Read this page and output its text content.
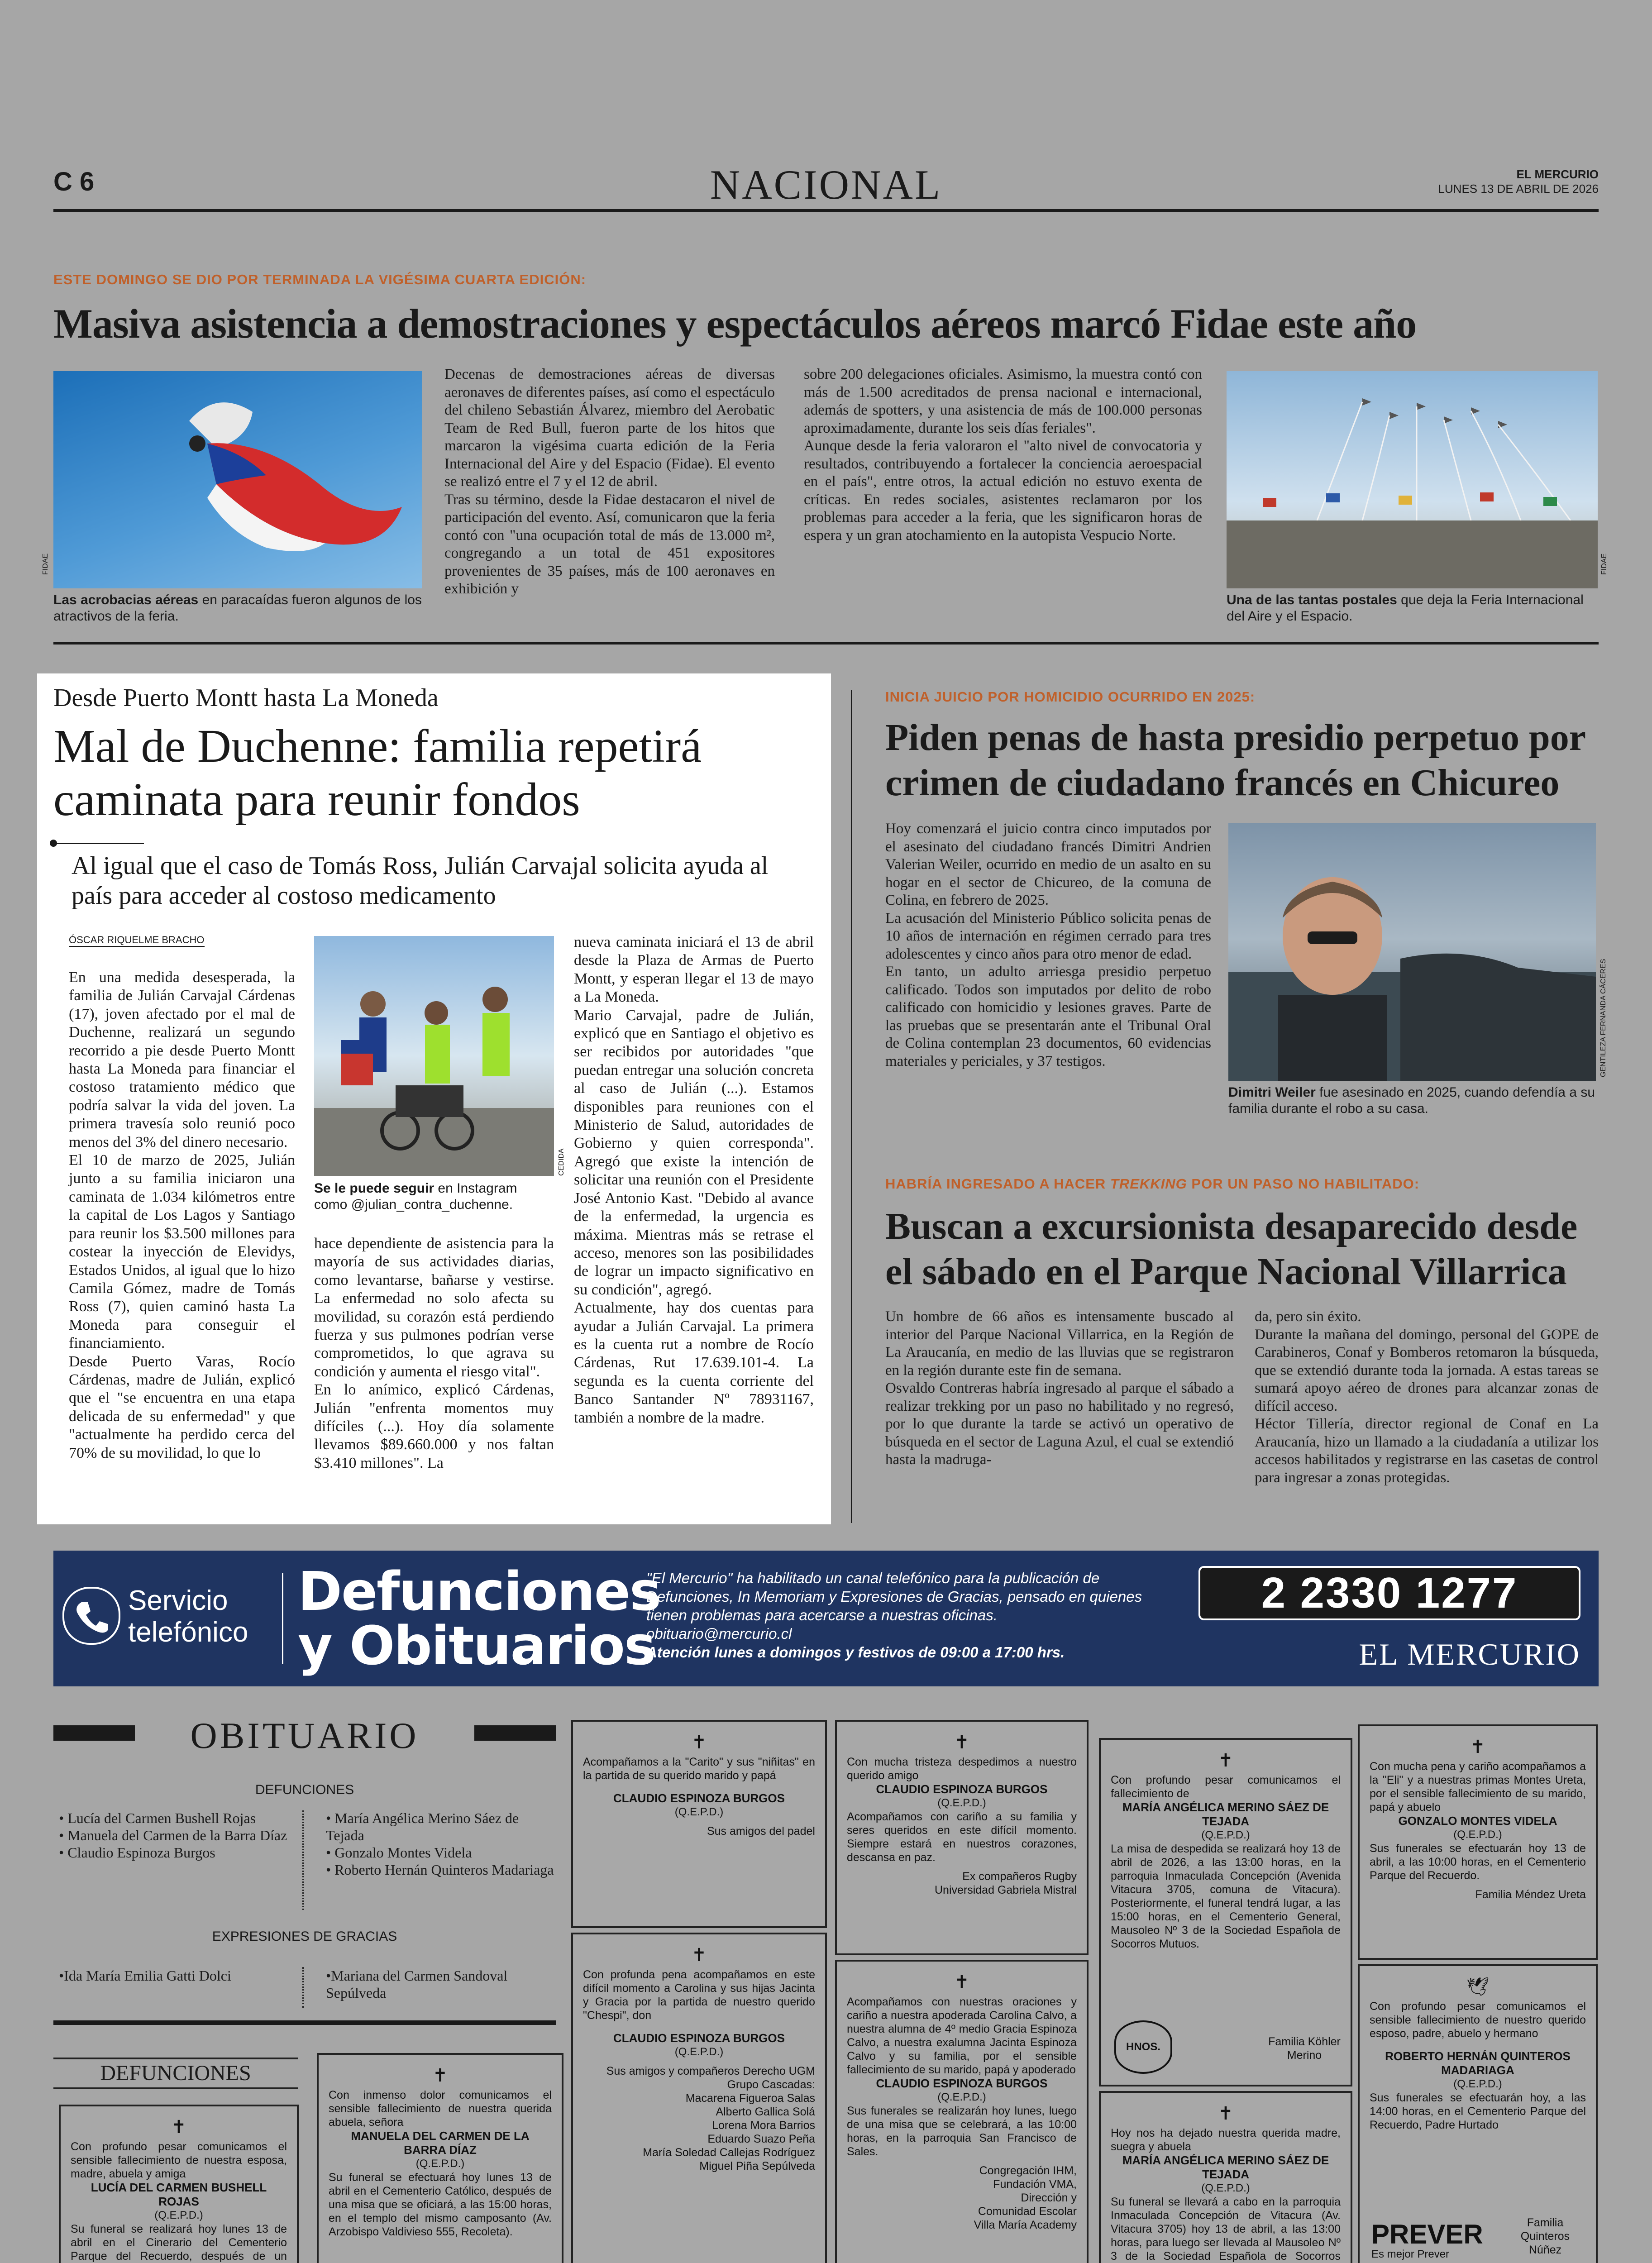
C 6	NACIONAL	EL MERCURIO
LUNES 13 DE ABRIL DE 2026
ESTE DOMINGO SE DIO POR TERMINADA LA VIGÉSIMA CUARTA EDICIÓN:
Masiva asistencia a demostraciones y espectáculos aéreos marcó Fidae este año
FIDAE
Las acrobacias aéreas en paracaídas fueron algunos de los atractivos de la feria.
Decenas de demostraciones aéreas de diversas aeronaves de diferentes países, así como el espectáculo del chileno Sebastián Álvarez, miembro del Aerobatic Team de Red Bull, fueron parte de los hitos que marcaron la vigésima cuarta edición de la Feria Internacional del Aire y del Espacio (Fidae). El evento se realizó entre el 7 y el 12 de abril.
Tras su término, desde la Fidae destacaron el nivel de participación del evento. Así, comunicaron que la feria contó con "una ocupación total de más de 13.000 m², congregando a un total de 451 expositores provenientes de 35 países, más de 100 aeronaves en exhibición y
sobre 200 delegaciones oficiales. Asimismo, la muestra contó con más de 1.500 acreditados de prensa nacional e internacional, además de spotters, y una asistencia de más de 100.000 personas aproximadamente, durante los seis días feriales".
Aunque desde la feria valoraron el "alto nivel de convocatoria y resultados, contribuyendo a fortalecer la conciencia aeroespacial en el país", entre otros, la actual edición no estuvo exenta de críticas. En redes sociales, asistentes reclamaron por los problemas para acceder a la feria, que les significaron horas de espera y un gran atochamiento en la autopista Vespucio Norte.
FIDAE
Una de las tantas postales que deja la Feria Internacional del Aire y el Espacio.
Desde Puerto Montt hasta La Moneda
Mal de Duchenne: familia repetirá caminata para reunir fondos
Al igual que el caso de Tomás Ross, Julián Carvajal solicita ayuda al país para acceder al costoso medicamento
ÓSCAR RIQUELME BRACHO
En una medida desesperada, la familia de Julián Carvajal Cárdenas (17), joven afectado por el mal de Duchenne, realizará un segundo recorrido a pie desde Puerto Montt hasta La Moneda para financiar el costoso tratamiento médico que podría salvar la vida del joven. La primera travesía solo reunió poco menos del 3% del dinero necesario.
El 10 de marzo de 2025, Julián junto a su familia iniciaron una caminata de 1.034 kilómetros entre la capital de Los Lagos y Santiago para reunir los $3.500 millones para costear la inyección de Elevidys, Estados Unidos, al igual que lo hizo Camila Gómez, madre de Tomás Ross (7), quien caminó hasta La Moneda para conseguir el financiamiento.
Desde Puerto Varas, Rocío Cárdenas, madre de Julián, explicó que el "se encuentra en una etapa delicada de su enfermedad" y que "actualmente ha perdido cerca del 70% de su movilidad, lo que lo
CEDIDA
Se le puede seguir en Instagram como @julian_contra_duchenne.
hace dependiente de asistencia para la mayoría de sus actividades diarias, como levantarse, bañarse y vestirse. La enfermedad no solo afecta su movilidad, su corazón está perdiendo fuerza y sus pulmones podrían verse comprometidos, lo que agrava su condición y aumenta el riesgo vital".
En lo anímico, explicó Cárdenas, Julián "enfrenta momentos muy difíciles (...). Hoy día solamente llevamos $89.660.000 y nos faltan $3.410 millones". La
nueva caminata iniciará el 13 de abril desde la Plaza de Armas de Puerto Montt, y esperan llegar el 13 de mayo a La Moneda.
Mario Carvajal, padre de Julián, explicó que en Santiago el objetivo es ser recibidos por autoridades "que puedan entregar una solución concreta al caso de Julián (...). Estamos disponibles para reuniones con el Ministerio de Salud, autoridades de Gobierno y quien corresponda". Agregó que existe la intención de solicitar una reunión con el Presidente José Antonio Kast. "Debido al avance de la enfermedad, la urgencia es máxima. Mientras más se retrase el acceso, menores son las posibilidades de lograr un impacto significativo en su condición", agregó.
Actualmente, hay dos cuentas para ayudar a Julián Carvajal. La primera es la cuenta rut a nombre de Rocío Cárdenas, Rut 17.639.101-4. La segunda es la cuenta corriente del Banco Santander Nº 78931167, también a nombre de la madre.
INICIA JUICIO POR HOMICIDIO OCURRIDO EN 2025:
Piden penas de hasta presidio perpetuo por crimen de ciudadano francés en Chicureo
Hoy comenzará el juicio contra cinco imputados por el asesinato del ciudadano francés Dimitri Andrien Valerian Weiler, ocurrido en medio de un asalto en su hogar en el sector de Chicureo, de la comuna de Colina, en febrero de 2025.
La acusación del Ministerio Público solicita penas de 10 años de internación en régimen cerrado para tres adolescentes y cinco años para otro menor de edad.
En tanto, un adulto arriesga presidio perpetuo calificado. Todos son imputados por delito de robo calificado con homicidio y lesiones graves. Parte de las pruebas que se presentarán ante el Tribunal Oral de Colina contemplan 23 documentos, 60 evidencias materiales y periciales, y 37 testigos.	GENTILEZA FERNANDA CÁCERES
Dimitri Weiler fue asesinado en 2025, cuando defendía a su familia durante el robo a su casa.
HABRÍA INGRESADO A HACER TREKKING POR UN PASO NO HABILITADO:
Buscan a excursionista desaparecido desde el sábado en el Parque Nacional Villarrica
Un hombre de 66 años es intensamente buscado al interior del Parque Nacional Villarrica, en la Región de La Araucanía, en medio de las lluvias que se registraron en la región durante este fin de semana.
Osvaldo Contreras habría ingresado al parque el sábado a realizar trekking por un paso no habilitado y no regresó, por lo que durante la tarde se activó un operativo de búsqueda en el sector de Laguna Azul, el cual se extendió hasta la madruga-
da, pero sin éxito.
Durante la mañana del domingo, personal del GOPE de Carabineros, Conaf y Bomberos retomaron la búsqueda, que se extendió durante toda la jornada. A estas tareas se sumará apoyo aéreo de drones para alcanzar zonas de difícil acceso.
Héctor Tillería, director regional de Conaf en La Araucanía, hizo un llamado a la ciudadanía a utilizar los accesos habilitados y registrarse en las casetas de control para ingresar a zonas protegidas.
Servicio
telefónico
Defunciones
y Obituarios
"El Mercurio" ha habilitado un canal telefónico para la publicación de Defunciones, In Memoriam y Expresiones de Gracias, pensado en quienes tienen problemas para acercarse a nuestras oficinas.
obituario@mercurio.cl
Atención lunes a domingos y festivos de 09:00 a 17:00 hrs.
2 2330 1277
EL MERCURIO
OBITUARIO
DEFUNCIONES
• Lucía del Carmen Bushell Rojas
• Manuela del Carmen de la Barra Díaz
• Claudio Espinoza Burgos
• María Angélica Merino Sáez de Tejada
• Gonzalo Montes Videla
• Roberto Hernán Quinteros Madariaga
EXPRESIONES DE GRACIAS
•Ida María Emilia Gatti Dolci	•Mariana del Carmen Sandoval Sepúlveda
DEFUNCIONES
✝

Con profundo pesar comunicamos el sensible fallecimiento de nuestra esposa, madre, abuela y amiga

LUCÍA DEL CARMEN BUSHELL ROJAS
(Q.E.P.D.)

Su funeral se realizará hoy lunes 13 de abril en el Cinerario del Cementerio Parque del Recuerdo, después de un

✝

Con inmenso dolor comunicamos el sensible fallecimiento de nuestra querida abuela, señora

MANUELA DEL CARMEN DE LA BARRA DÍAZ
(Q.E.P.D.)

Su funeral se efectuará hoy lunes 13 de abril en el Cementerio Católico, después de una misa que se oficiará, a las 15:00 horas, en el templo del mismo camposanto (Av. Arzobispo Valdivieso 555, Recoleta).

✝

Acompañamos a la "Carito" y sus "niñitas" en la partida de su querido marido y papá

CLAUDIO ESPINOZA BURGOS
(Q.E.P.D.)
Sus amigos del padel
✝

Con profunda pena acompañamos en este difícil momento a Carolina y sus hijas Jacinta y Gracia por la partida de nuestro querido "Chespi", don

CLAUDIO ESPINOZA BURGOS
(Q.E.P.D.)
Sus amigos y compañeros Derecho UGM
Grupo Cascadas:
Macarena Figueroa Salas
Alberto Gallica Solá
Lorena Mora Barrios
Eduardo Suazo Peña
María Soledad Callejas Rodríguez
Miguel Piña Sepúlveda

✝

Con mucha tristeza despedimos a nuestro querido amigo

CLAUDIO ESPINOZA BURGOS
(Q.E.P.D.)

Acompañamos con cariño a su familia y seres queridos en este difícil momento. Siempre estará en nuestros corazones, descansa en paz.

Ex compañeros Rugby
Universidad Gabriela Mistral
✝

Acompañamos con nuestras oraciones y cariño a nuestra apoderada Carolina Calvo, a nuestra alumna de 4º medio Gracia Espinoza Calvo, a nuestra exalumna Jacinta Espinoza Calvo y su familia, por el sensible fallecimiento de su marido, papá y apoderado

CLAUDIO ESPINOZA BURGOS
(Q.E.P.D.)

Sus funerales se realizarán hoy lunes, luego de una misa que se celebrará, a las 10:00 horas, en la parroquia San Francisco de Sales.

Congregación IHM,
Fundación VMA,
Dirección y
Comunidad Escolar
Villa María Academy

✝

Con profundo pesar comunicamos el fallecimiento de

MARÍA ANGÉLICA MERINO SÁEZ DE TEJADA
(Q.E.P.D.)

La misa de despedida se realizará hoy 13 de abril de 2026, a las 13:00 horas, en la parroquia Inmaculada Concepción (Avenida Vitacura 3705, comuna de Vitacura). Posteriormente, el funeral tendrá lugar, a las 15:00 horas, en el Cementerio General, Mausoleo Nº 3 de la Sociedad Española de Socorros Mutuos.

HNOS.	Familia Köhler Merino
✝

Hoy nos ha dejado nuestra querida madre, suegra y abuela

MARÍA ANGÉLICA MERINO SÁEZ DE TEJADA
(Q.E.P.D.)

Su funeral se llevará a cabo en la parroquia Inmaculada Concepción de Vitacura (Av. Vitacura 3705) hoy 13 de abril, a las 13:00 horas, para luego ser llevada al Mausoleo Nº 3 de la Sociedad Española de Socorros

✝

Con mucha pena y cariño acompañamos a la "Eli" y a nuestras primas Montes Ureta, por el sensible fallecimiento de su marido, papá y abuelo

GONZALO MONTES VIDELA
(Q.E.P.D.)

Sus funerales se efectuarán hoy 13 de abril, a las 10:00 horas, en el Cementerio Parque del Recuerdo.

Familia Méndez Ureta
🕊

Con profundo pesar comunicamos el sensible fallecimiento de nuestro querido esposo, padre, abuelo y hermano

ROBERTO HERNÁN QUINTEROS MADARIAGA
(Q.E.P.D.)

Sus funerales se efectuarán hoy, a las 14:00 horas, en el Cementerio Parque del Recuerdo, Padre Hurtado

PREVER
Es mejor Prever
Familia Quinteros Núñez
